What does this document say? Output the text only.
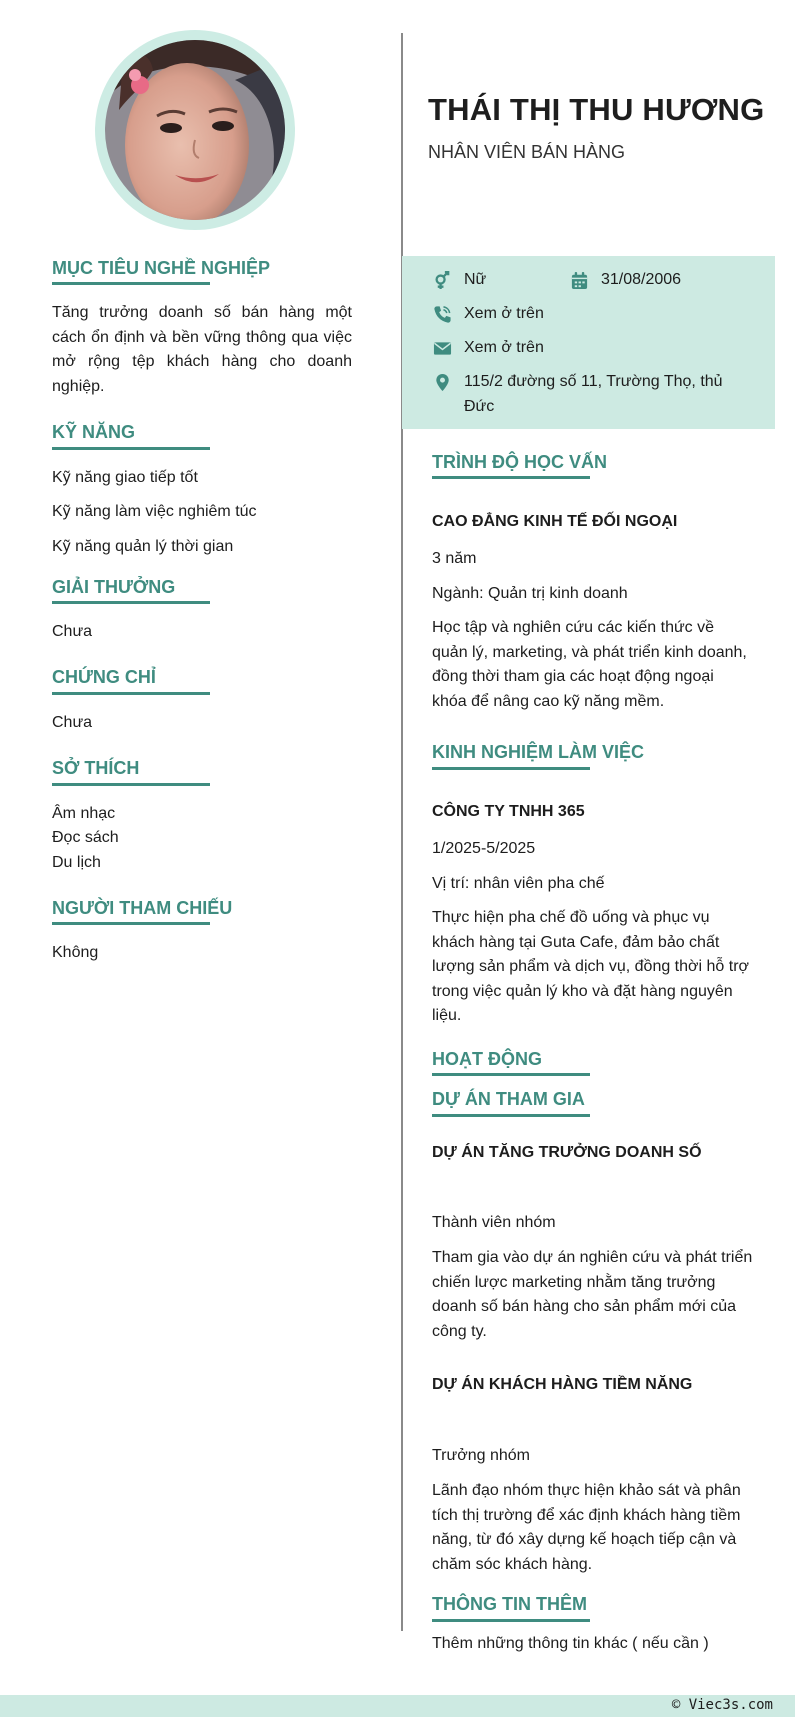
THÁI THỊ THU HƯƠNG
NHÂN VIÊN BÁN HÀNG
Nữ	31/08/2006
Xem ở trên
Xem ở trên
115/2 đường số 11, Trường Thọ, thủ Đức
MỤC TIÊU NGHỀ NGHIỆP
Tăng trưởng doanh số bán hàng một cách ổn định và bền vững thông qua việc mở rộng tệp khách hàng cho doanh nghiệp.
KỸ NĂNG
Kỹ năng giao tiếp tốt
Kỹ năng làm việc nghiêm túc
Kỹ năng quản lý thời gian
GIẢI THƯỞNG
Chưa
CHỨNG CHỈ
Chưa
SỞ THÍCH
Âm nhạc
Đọc sách
Du lịch
NGƯỜI THAM CHIẾU
Không
TRÌNH ĐỘ HỌC VẤN
CAO ĐẲNG KINH TẾ ĐỐI NGOẠI
3 năm
Ngành: Quản trị kinh doanh
Học tập và nghiên cứu các kiến thức về quản lý, marketing, và phát triển kinh doanh, đồng thời tham gia các hoạt động ngoại khóa để nâng cao kỹ năng mềm.
KINH NGHIỆM LÀM VIỆC
CÔNG TY TNHH 365
1/2025-5/2025
Vị trí: nhân viên pha chế
Thực hiện pha chế đồ uống và phục vụ khách hàng tại Guta Cafe, đảm bảo chất lượng sản phẩm và dịch vụ, đồng thời hỗ trợ trong việc quản lý kho và đặt hàng nguyên liệu.
HOẠT ĐỘNG
DỰ ÁN THAM GIA
DỰ ÁN TĂNG TRƯỞNG DOANH SỐ
Thành viên nhóm
Tham gia vào dự án nghiên cứu và phát triển chiến lược marketing nhằm tăng trưởng doanh số bán hàng cho sản phẩm mới của công ty.
DỰ ÁN KHÁCH HÀNG TIỀM NĂNG
Trưởng nhóm
Lãnh đạo nhóm thực hiện khảo sát và phân tích thị trường để xác định khách hàng tiềm năng, từ đó xây dựng kế hoạch tiếp cận và chăm sóc khách hàng.
THÔNG TIN THÊM
Thêm những thông tin khác ( nếu cần )
© Viec3s.com
